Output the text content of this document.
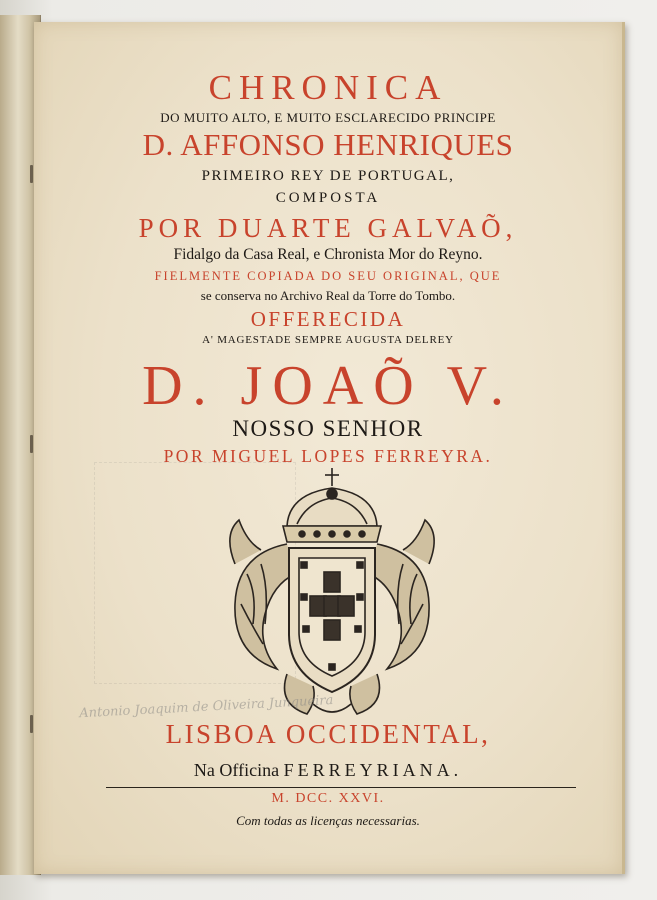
CHRONICA
DO MUITO ALTO, E MUITO ESCLARECIDO PRINCIPE
D. AFFONSO HENRIQUES
PRIMEIRO REY DE PORTUGAL,
COMPOSTA
POR DUARTE GALVAÕ,
Fidalgo da Casa Real, e Chronista Mor do Reyno.
FIELMENTE COPIADA DO SEU ORIGINAL, QUE
se conserva no Archivo Real da Torre do Tombo.
OFFERECIDA
A' MAGESTADE SEMPRE AUGUSTA DELREY
D. JOAÕ V.
NOSSO SENHOR
POR MIGUEL LOPES FERREYRA.
Antonio Joaquim de Oliveira Junqueira
LISBOA OCCIDENTAL,
Na Officina FERREYRIANA.
M. DCC. XXVI.
Com todas as licenças necessarias.
